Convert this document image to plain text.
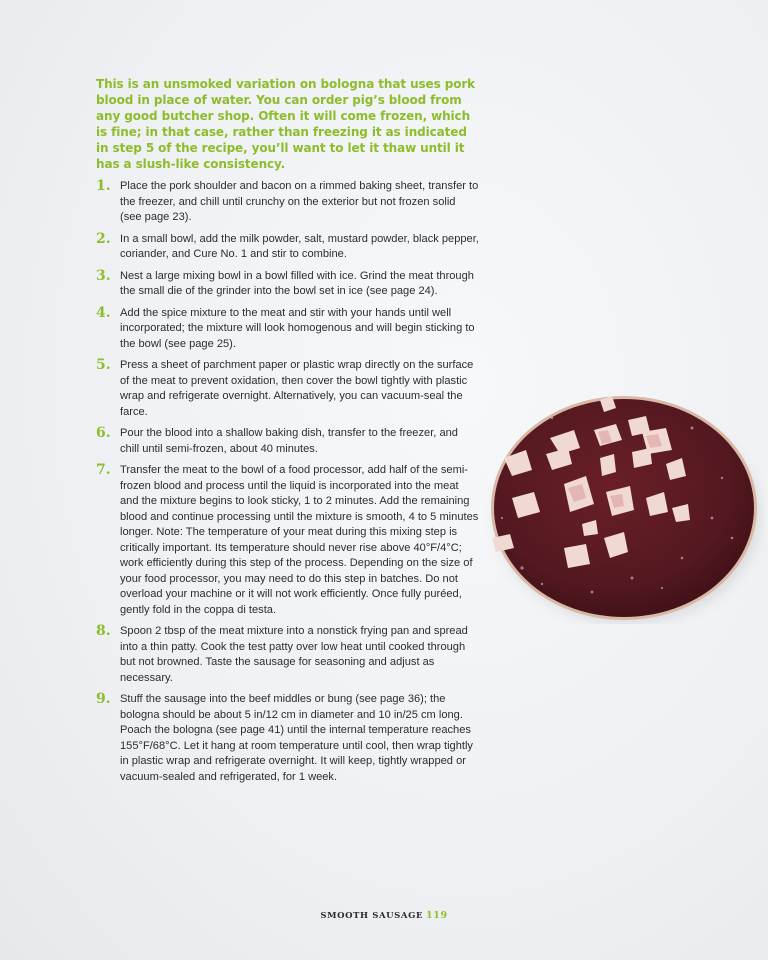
This is an unsmoked variation on bologna that uses pork blood in place of water. You can order pig’s blood from any good butcher shop. Often it will come frozen, which is fine; in that case, rather than freezing it as indicated in step 5 of the recipe, you’ll want to let it thaw until it has a slush-like consistency.

1. Place the pork shoulder and bacon on a rimmed baking sheet, transfer to the freezer, and chill until crunchy on the exterior but not frozen solid (see page 23).
2. In a small bowl, add the milk powder, salt, mustard powder, black pepper, coriander, and Cure No. 1 and stir to combine.
3. Nest a large mixing bowl in a bowl filled with ice. Grind the meat through the small die of the grinder into the bowl set in ice (see page 24).
4. Add the spice mixture to the meat and stir with your hands until well incorporated; the mixture will look homogenous and will begin sticking to the bowl (see page 25).
5. Press a sheet of parchment paper or plastic wrap directly on the surface of the meat to prevent oxidation, then cover the bowl tightly with plastic wrap and refrigerate overnight. Alternatively, you can vacuum-seal the farce.
6. Pour the blood into a shallow baking dish, transfer to the freezer, and chill until semi-frozen, about 40 minutes.
7. Transfer the meat to the bowl of a food processor, add half of the semi-frozen blood and process until the liquid is incorporated into the meat and the mixture begins to look sticky, 1 to 2 minutes. Add the remaining blood and continue processing until the mixture is smooth, 4 to 5 minutes longer. Note: The temperature of your meat during this mixing step is critically important. Its temperature should never rise above 40°F/4°C; work efficiently during this step of the process. Depending on the size of your food processor, you may need to do this step in batches. Do not overload your machine or it will not work efficiently. Once fully puréed, gently fold in the coppa di testa.
8. Spoon 2 tbsp of the meat mixture into a nonstick frying pan and spread into a thin patty. Cook the test patty over low heat until cooked through but not browned. Taste the sausage for seasoning and adjust as necessary.
9. Stuff the sausage into the beef middles or bung (see page 36); the bologna should be about 5 in/12 cm in diameter and 10 in/25 cm long. Poach the bologna (see page 41) until the internal temperature reaches 155°F/68°C. Let it hang at room temperature until cool, then wrap tightly in plastic wrap and refrigerate overnight. It will keep, tightly wrapped or vacuum-sealed and refrigerated, for 1 week.
SMOOTH SAUSAGE 119
